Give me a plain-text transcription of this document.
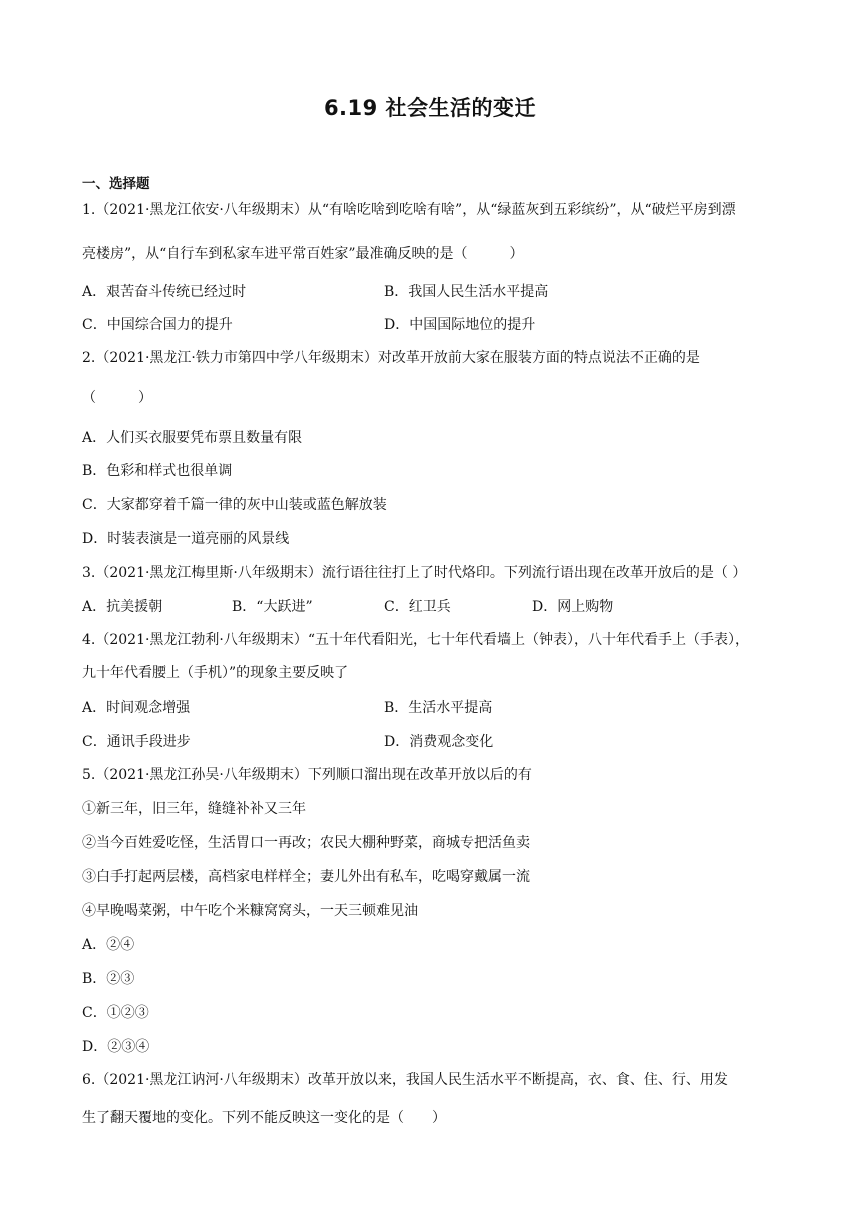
6.19 社会生活的变迁
一、选择题
1.（2021·黑龙江依安·八年级期末）从“有啥吃啥到吃啥有啥”，从“绿蓝灰到五彩缤纷”，从“破烂平房到漂
亮楼房”，从“自行车到私家车进平常百姓家”最准确反映的是（　　　）
A．艰苦奋斗传统已经过时	B．我国人民生活水平提高
C．中国综合国力的提升	D．中国国际地位的提升
2.（2021·黑龙江·铁力市第四中学八年级期末）对改革开放前大家在服装方面的特点说法不正确的是
（　　　）
A．人们买衣服要凭布票且数量有限
B．色彩和样式也很单调
C．大家都穿着千篇一律的灰中山装或蓝色解放装
D．时装表演是一道亮丽的风景线
3.（2021·黑龙江梅里斯·八年级期末）流行语往往打上了时代烙印。下列流行语出现在改革开放后的是（ ）
A．抗美援朝	B．“大跃进”	C．红卫兵	D．网上购物
4.（2021·黑龙江勃利·八年级期末）“五十年代看阳光，七十年代看墙上（钟表），八十年代看手上（手表），
九十年代看腰上（手机）”的现象主要反映了
A．时间观念增强	B．生活水平提高
C．通讯手段进步	D．消费观念变化
5.（2021·黑龙江孙吴·八年级期末）下列顺口溜出现在改革开放以后的有
①新三年，旧三年，缝缝补补又三年
②当今百姓爱吃怪，生活胃口一再改；农民大棚种野菜，商城专把活鱼卖
③白手打起两层楼，高档家电样样全；妻儿外出有私车，吃喝穿戴属一流
④早晚喝菜粥，中午吃个米糠窝窝头，一天三顿难见油
A．②④
B．②③
C．①②③
D．②③④
6.（2021·黑龙江讷河·八年级期末）改革开放以来，我国人民生活水平不断提高，衣、食、住、行、用发
生了翻天覆地的变化。下列不能反映这一变化的是（　　）
